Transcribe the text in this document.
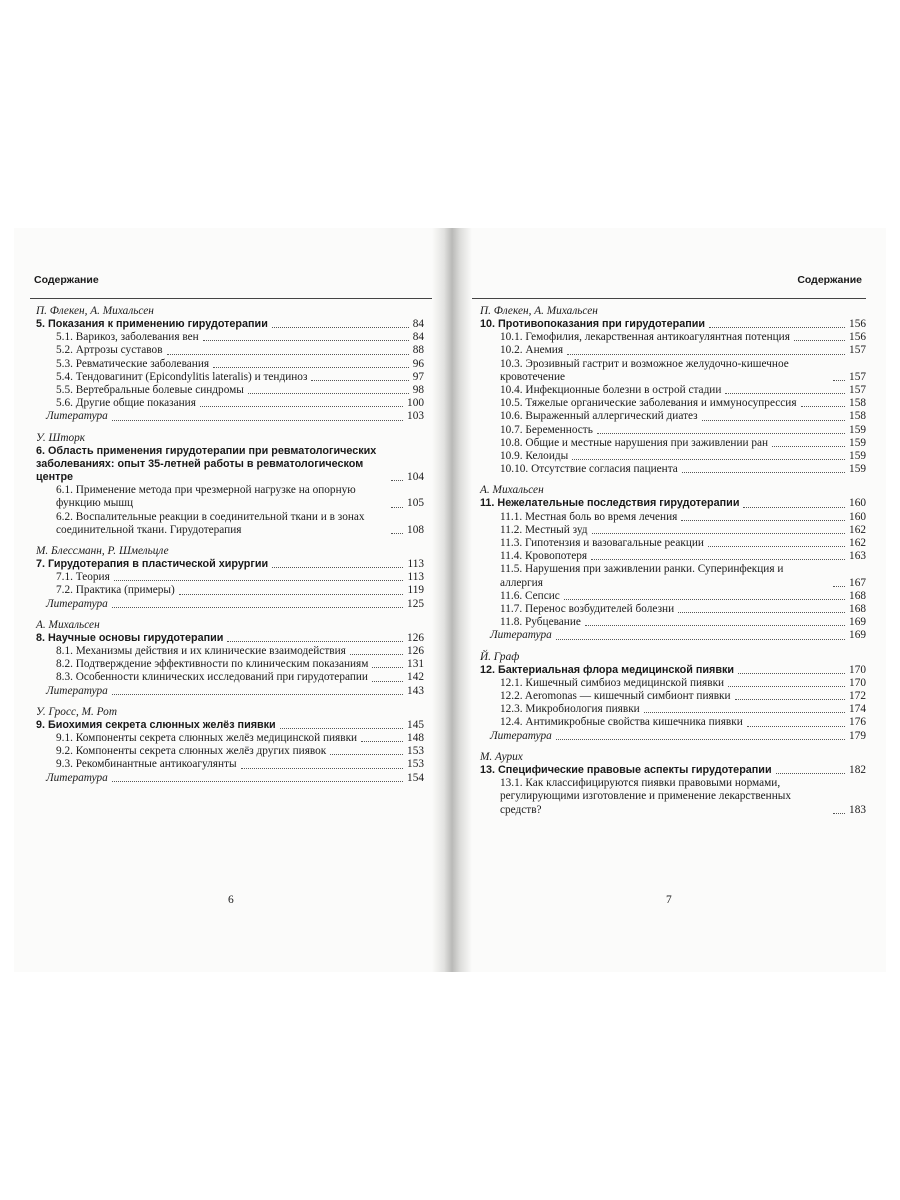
Содержание
П. Флекен, А. Михальсен
5. Показания к применению гирудотерапии	84
5.1. Варикоз, заболевания вен	84
5.2. Артрозы суставов	88
5.3. Ревматические заболевания	96
5.4. Тендовагинит (Epicondylitis lateralis) и тендиноз	97
5.5. Вертебральные болевые синдромы	98
5.6. Другие общие показания	100
Литература	103
У. Шторк
6. Область применения гирудотерапии при ревматологических заболеваниях: опыт 35-летней работы в ревматологическом центре	104
6.1. Применение метода при чрезмерной нагрузке на опорную функцию мышц	105
6.2. Воспалительные реакции в соединительной ткани и в зонах соединительной ткани. Гирудотерапия	108
М. Блессманн, Р. Шмельцле
7. Гирудотерапия в пластической хирургии	113
7.1. Теория	113
7.2. Практика (примеры)	119
Литература	125
А. Михальсен
8. Научные основы гирудотерапии	126
8.1. Механизмы действия и их клинические взаимодействия	126
8.2. Подтверждение эффективности по клиническим показаниям	131
8.3. Особенности клинических исследований при гирудотерапии	142
Литература	143
У. Гросс, М. Рот
9. Биохимия секрета слюнных желёз пиявки	145
9.1. Компоненты секрета слюнных желёз медицинской пиявки	148
9.2. Компоненты секрета слюнных желёз других пиявок	153
9.3. Рекомбинантные антикоагулянты	153
Литература	154
6
Содержание
П. Флекен, А. Михальсен
10. Противопоказания при гирудотерапии	156
10.1. Гемофилия, лекарственная антикоагулянтная потенция	156
10.2. Анемия	157
10.3. Эрозивный гастрит и возможное желудочно-кишечное кровотечение	157
10.4. Инфекционные болезни в острой стадии	157
10.5. Тяжелые органические заболевания и иммуносупрессия	158
10.6. Выраженный аллергический диатез	158
10.7. Беременность	159
10.8. Общие и местные нарушения при заживлении ран	159
10.9. Келоиды	159
10.10. Отсутствие согласия пациента	159
А. Михальсен
11. Нежелательные последствия гирудотерапии	160
11.1. Местная боль во время лечения	160
11.2. Местный зуд	162
11.3. Гипотензия и вазовагальные реакции	162
11.4. Кровопотеря	163
11.5. Нарушения при заживлении ранки. Суперинфекция и аллергия	167
11.6. Сепсис	168
11.7. Перенос возбудителей болезни	168
11.8. Рубцевание	169
Литература	169
Й. Граф
12. Бактериальная флора медицинской пиявки	170
12.1. Кишечный симбиоз медицинской пиявки	170
12.2. Aeromonas — кишечный симбионт пиявки	172
12.3. Микробиология пиявки	174
12.4. Антимикробные свойства кишечника пиявки	176
Литература	179
М. Аурих
13. Специфические правовые аспекты гирудотерапии	182
13.1. Как классифицируются пиявки правовыми нормами, регулирующими изготовление и применение лекарственных средств?	183
7
